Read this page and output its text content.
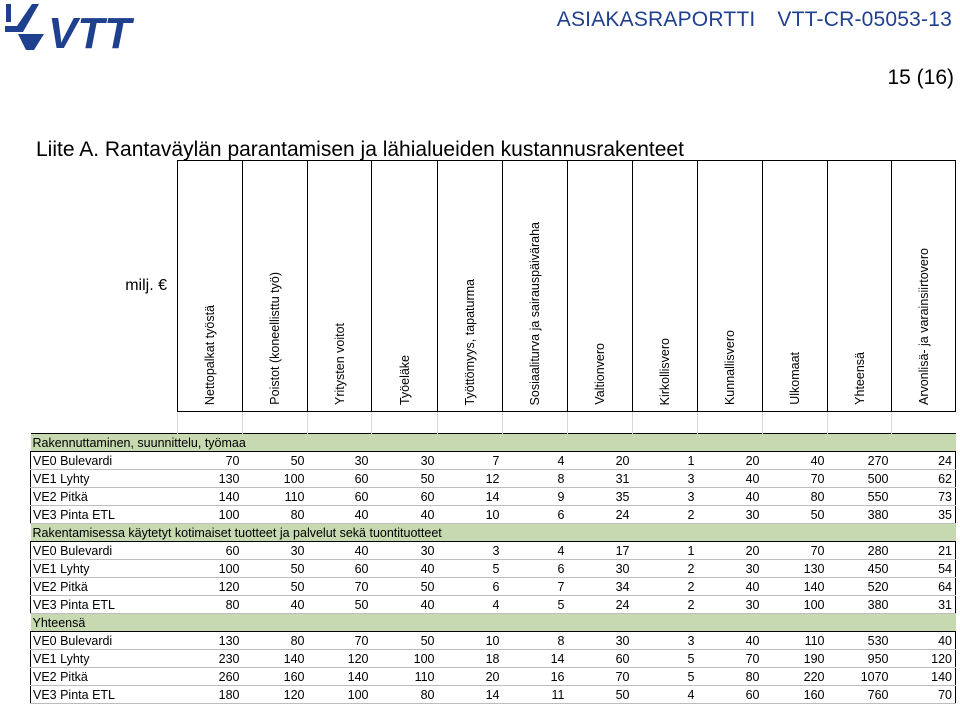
VTT	ASIAKASRAPORTTI VTT-CR-05053-13
15 (16)
Liite A. Rantaväylän parantamisen ja lähialueiden kustannusrakenteet
milj. €	Nettopalkat työstä	Poistot (koneellisttu työ)	Yritysten voitot	Työeläke	Työttömyys, tapaturma	Sosiaaliturva ja sairauspäiväraha	Valtionvero	Kirkollisvero	Kunnallisvero	Ulkomaat	Yhteensä	Arvonlisä- ja varainsiirtovero

Rakennuttaminen, suunnittelu, työmaa												
VE0 Bulevardi	70	50	30	30	7	4	20	1	20	40	270	24
VE1 Lyhty	130	100	60	50	12	8	31	3	40	70	500	62
VE2 Pitkä	140	110	60	60	14	9	35	3	40	80	550	73
VE3 Pinta ETL	100	80	40	40	10	6	24	2	30	50	380	35
Rakentamisessa käytetyt kotimaiset tuotteet ja palvelut sekä tuontituotteet												
VE0 Bulevardi	60	30	40	30	3	4	17	1	20	70	280	21
VE1 Lyhty	100	50	60	40	5	6	30	2	30	130	450	54
VE2 Pitkä	120	50	70	50	6	7	34	2	40	140	520	64
VE3 Pinta ETL	80	40	50	40	4	5	24	2	30	100	380	31
Yhteensä												
VE0 Bulevardi	130	80	70	50	10	8	30	3	40	110	530	40
VE1 Lyhty	230	140	120	100	18	14	60	5	70	190	950	120
VE2 Pitkä	260	160	140	110	20	16	70	5	80	220	1070	140
VE3 Pinta ETL	180	120	100	80	14	11	50	4	60	160	760	70
